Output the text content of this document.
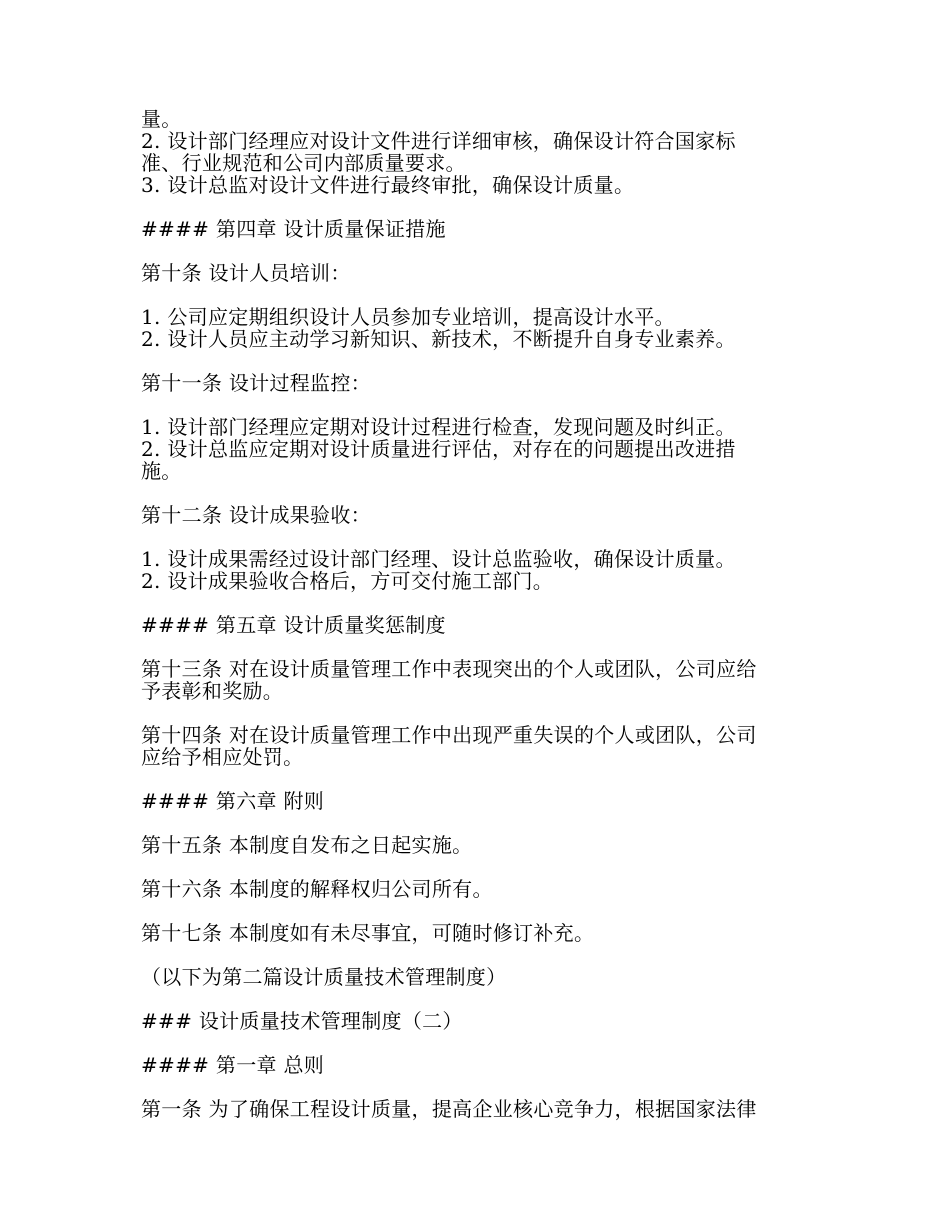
量。

2. 设计部门经理应对设计文件进行详细审核，确保设计符合国家标

准、行业规范和公司内部质量要求。

3. 设计总监对设计文件进行最终审批，确保设计质量。

#### 第四章 设计质量保证措施

第十条 设计人员培训：

1. 公司应定期组织设计人员参加专业培训，提高设计水平。

2. 设计人员应主动学习新知识、新技术，不断提升自身专业素养。

第十一条 设计过程监控：

1. 设计部门经理应定期对设计过程进行检查，发现问题及时纠正。

2. 设计总监应定期对设计质量进行评估，对存在的问题提出改进措

施。

第十二条 设计成果验收：

1. 设计成果需经过设计部门经理、设计总监验收，确保设计质量。

2. 设计成果验收合格后，方可交付施工部门。

#### 第五章 设计质量奖惩制度

第十三条 对在设计质量管理工作中表现突出的个人或团队，公司应给

予表彰和奖励。

第十四条 对在设计质量管理工作中出现严重失误的个人或团队，公司

应给予相应处罚。

#### 第六章 附则

第十五条 本制度自发布之日起实施。

第十六条 本制度的解释权归公司所有。

第十七条 本制度如有未尽事宜，可随时修订补充。

（以下为第二篇设计质量技术管理制度）

### 设计质量技术管理制度（二）

#### 第一章 总则

第一条 为了确保工程设计质量，提高企业核心竞争力，根据国家法律
